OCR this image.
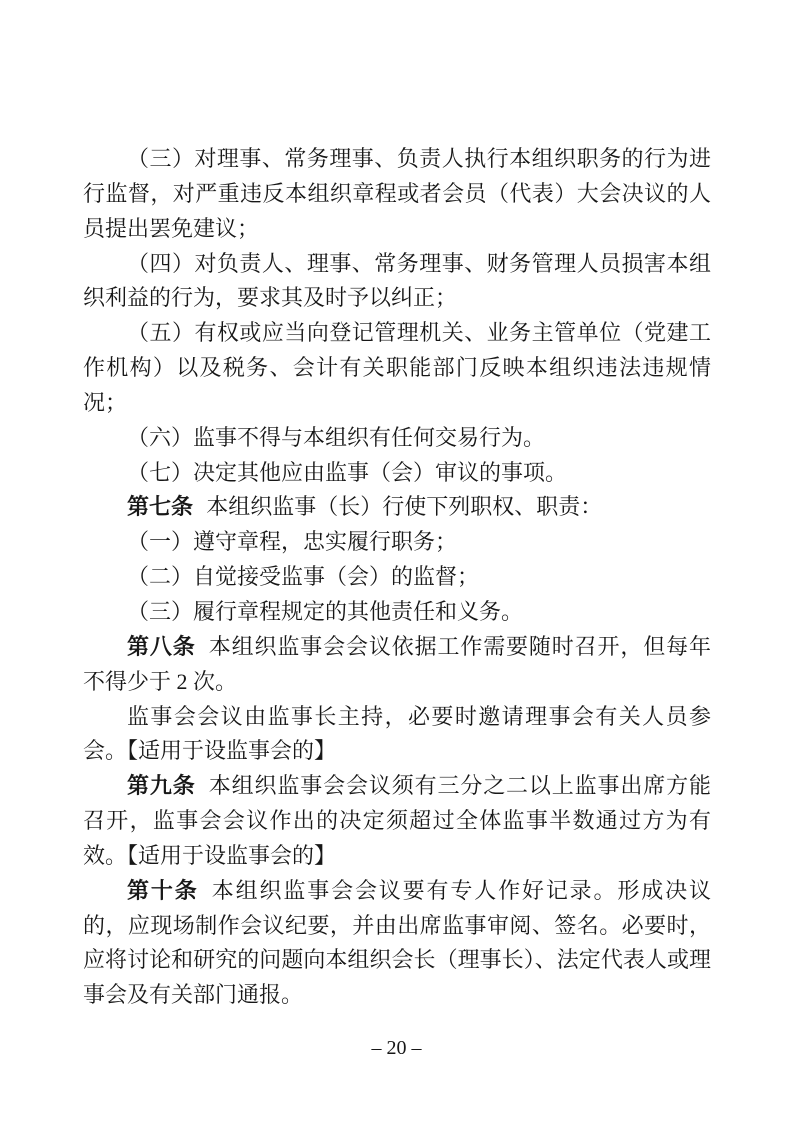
（三）对理事、常务理事、负责人执行本组织职务的行为进行监督，对严重违反本组织章程或者会员（代表）大会决议的人员提出罢免建议；

（四）对负责人、理事、常务理事、财务管理人员损害本组织利益的行为，要求其及时予以纠正；

（五）有权或应当向登记管理机关、业务主管单位（党建工作机构）以及税务、会计有关职能部门反映本组织违法违规情况；

（六）监事不得与本组织有任何交易行为。

（七）决定其他应由监事（会）审议的事项。

第七条 本组织监事（长）行使下列职权、职责：

（一）遵守章程，忠实履行职务；

（二）自觉接受监事（会）的监督；

（三）履行章程规定的其他责任和义务。

第八条 本组织监事会会议依据工作需要随时召开，但每年不得少于 2 次。

监事会会议由监事长主持，必要时邀请理事会有关人员参会。【适用于设监事会的】

第九条 本组织监事会会议须有三分之二以上监事出席方能召开，监事会会议作出的决定须超过全体监事半数通过方为有效。【适用于设监事会的】

第十条 本组织监事会会议要有专人作好记录。形成决议的，应现场制作会议纪要，并由出席监事审阅、签名。必要时，应将讨论和研究的问题向本组织会长（理事长）、法定代表人或理事会及有关部门通报。

– 20 –
